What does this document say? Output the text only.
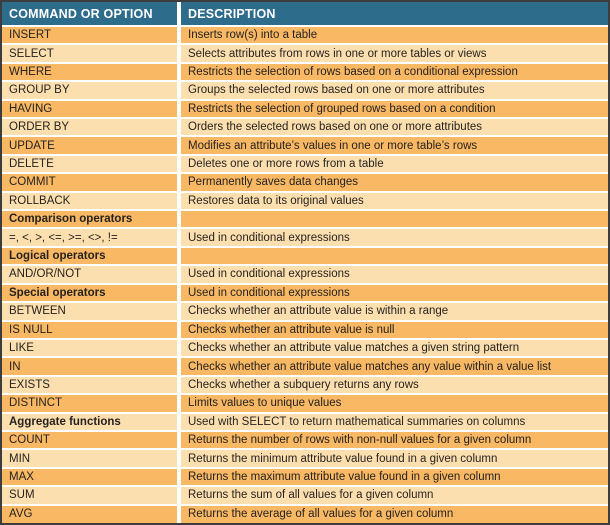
COMMAND OR OPTION	DESCRIPTION
INSERT	Inserts row(s) into a table
SELECT	Selects attributes from rows in one or more tables or views
WHERE	Restricts the selection of rows based on a conditional expression
GROUP BY	Groups the selected rows based on one or more attributes
HAVING	Restricts the selection of grouped rows based on a condition
ORDER BY	Orders the selected rows based on one or more attributes
UPDATE	Modifies an attribute’s values in one or more table’s rows
DELETE	Deletes one or more rows from a table
COMMIT	Permanently saves data changes
ROLLBACK	Restores data to its original values
Comparison operators	
=, <, >, <=, >=, <>, !=	Used in conditional expressions
Logical operators	
AND/OR/NOT	Used in conditional expressions
Special operators	Used in conditional expressions
BETWEEN	Checks whether an attribute value is within a range
IS NULL	Checks whether an attribute value is null
LIKE	Checks whether an attribute value matches a given string pattern
IN	Checks whether an attribute value matches any value within a value list
EXISTS	Checks whether a subquery returns any rows
DISTINCT	Limits values to unique values
Aggregate functions	Used with SELECT to return mathematical summaries on columns
COUNT	Returns the number of rows with non-null values for a given column
MIN	Returns the minimum attribute value found in a given column
MAX	Returns the maximum attribute value found in a given column
SUM	Returns the sum of all values for a given column
AVG	Returns the average of all values for a given column
